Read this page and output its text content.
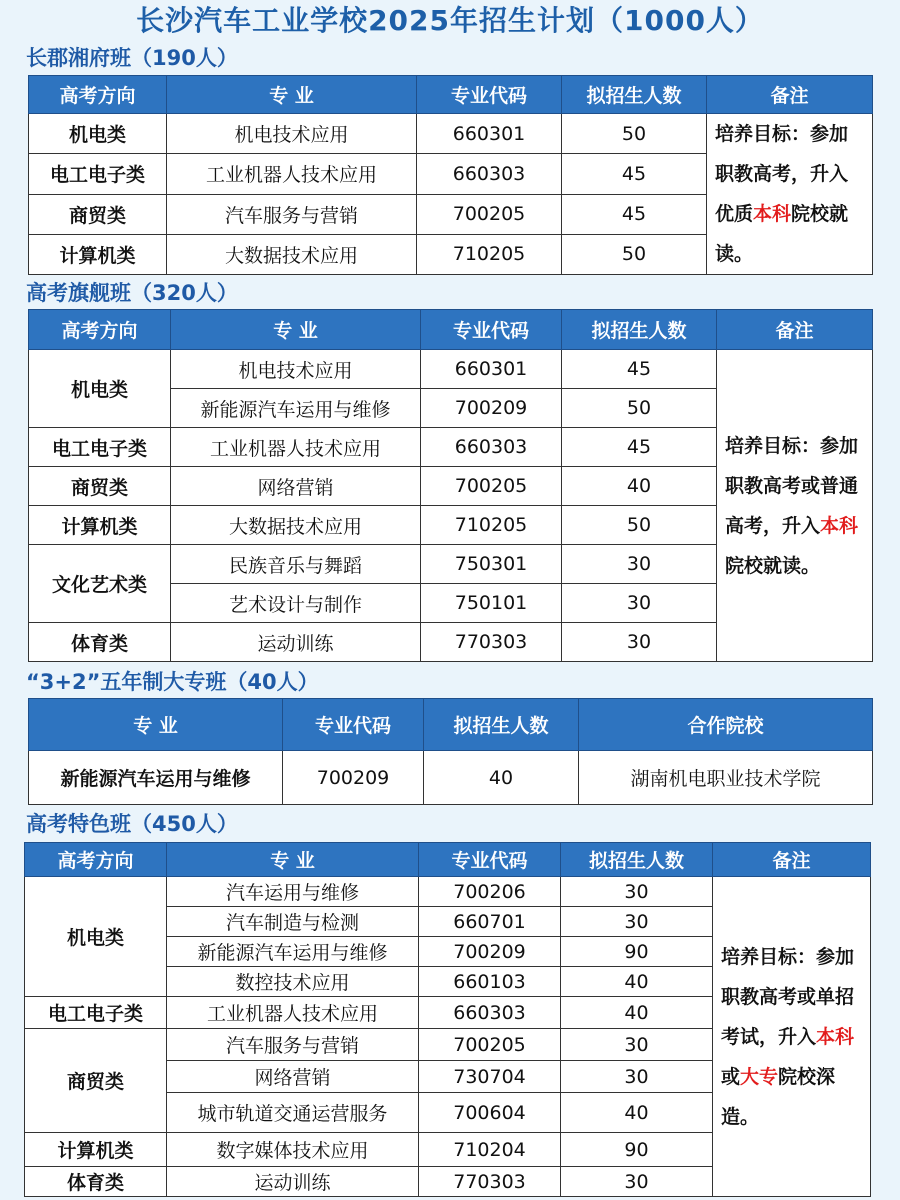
长沙汽车工业学校2025年招生计划（1000人）
长郡湘府班（190人）
高考方向	专 业	专业代码	拟招生人数	备注
机电类	机电技术应用	660301	50	培养目标：参加职教高考，升入优质本科院校就读。
电工电子类	工业机器人技术应用	660303	45	
商贸类	汽车服务与营销	700205	45	
计算机类	大数据技术应用	710205	50	
高考旗舰班（320人）
高考方向	专 业	专业代码	拟招生人数	备注
机电类	机电技术应用	660301	45	培养目标：参加职教高考或普通高考，升入本科院校就读。
	新能源汽车运用与维修	700209	50	
电工电子类	工业机器人技术应用	660303	45	
商贸类	网络营销	700205	40	
计算机类	大数据技术应用	710205	50	
文化艺术类	民族音乐与舞蹈	750301	30	
	艺术设计与制作	750101	30	
体育类	运动训练	770303	30	
“3+2”五年制大专班（40人）
专 业	专业代码	拟招生人数	合作院校
新能源汽车运用与维修	700209	40	湖南机电职业技术学院
高考特色班（450人）
高考方向	专 业	专业代码	拟招生人数	备注
机电类	汽车运用与维修	700206	30	培养目标：参加职教高考或单招考试，升入本科或大专院校深造。
	汽车制造与检测	660701	30	
	新能源汽车运用与维修	700209	90	
	数控技术应用	660103	40	
电工电子类	工业机器人技术应用	660303	40	
商贸类	汽车服务与营销	700205	30	
	网络营销	730704	30	
	城市轨道交通运营服务	700604	40	
计算机类	数字媒体技术应用	710204	90	
体育类	运动训练	770303	30	
